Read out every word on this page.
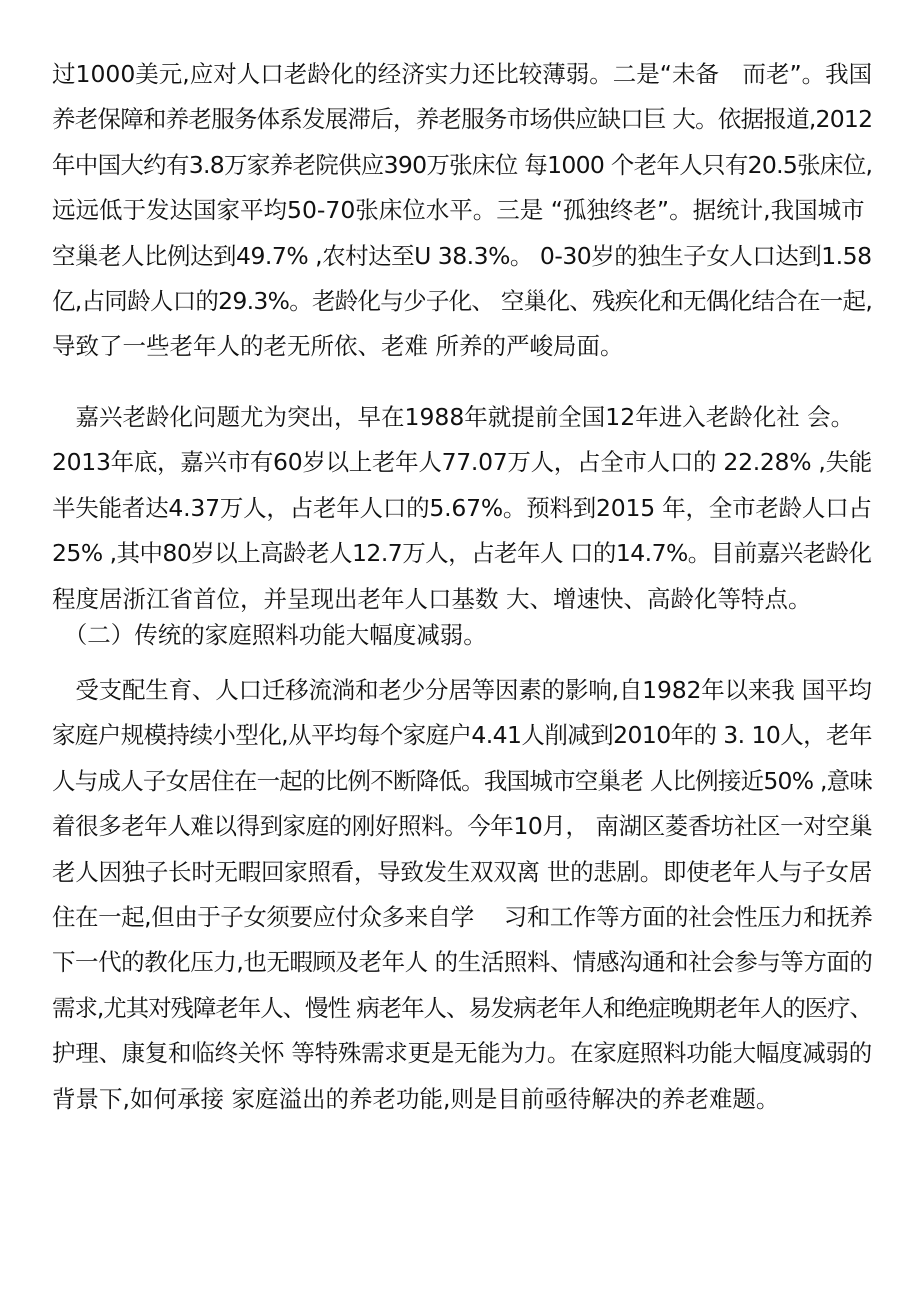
过1000美元,应对人口老龄化的经济实力还比较薄弱。二是“未备　而老”。我国
养老保障和养老服务体系发展滞后，养老服务市场供应缺口巨 大。依据报道,2012
年中国大约有3.8万家养老院供应390万张床位 每1000 个老年人只有20.5张床位,
远远低于发达国家平均50-70张床位水平。三是 “孤独终老”。据统计,我国城市
空巢老人比例达到49.7% ,农村达至U 38.3%。 0-30岁的独生子女人口达到1.58
亿,占同龄人口的29.3%。老龄化与少子化、 空巢化、残疾化和无偶化结合在一起,
导致了一些老年人的老无所依、老难 所养的严峻局面。
　嘉兴老龄化问题尤为突出，早在1988年就提前全国12年进入老龄化社 会。
2013年底，嘉兴市有60岁以上老年人77.07万人，占全市人口的 22.28% ,失能
半失能者达4.37万人，占老年人口的5.67%。预料到2015 年，全市老龄人口占
25% ,其中80岁以上高龄老人12.7万人，占老年人 口的14.7%。目前嘉兴老龄化
程度居浙江省首位，并呈现出老年人口基数 大、增速快、高龄化等特点。
　（二）传统的家庭照料功能大幅度减弱。
　受支配生育、人口迁移流淌和老少分居等因素的影响,自1982年以来我 国平均
家庭户规模持续小型化,从平均每个家庭户4.41人削减到2010年的 3. 10人，老年
人与成人子女居住在一起的比例不断降低。我国城市空巢老 人比例接近50% ,意味
着很多老年人难以得到家庭的刚好照料。今年10月， 南湖区菱香坊社区一对空巢
老人因独子长时无暇回家照看，导致发生双双离 世的悲剧。即使老年人与子女居
住在一起,但由于子女须要应付众多来自学　 习和工作等方面的社会性压力和抚养
下一代的教化压力,也无暇顾及老年人 的生活照料、情感沟通和社会参与等方面的
需求,尤其对残障老年人、慢性 病老年人、易发病老年人和绝症晚期老年人的医疗、
护理、康复和临终关怀 等特殊需求更是无能为力。在家庭照料功能大幅度减弱的
背景下,如何承接 家庭溢出的养老功能,则是目前亟待解决的养老难题。
